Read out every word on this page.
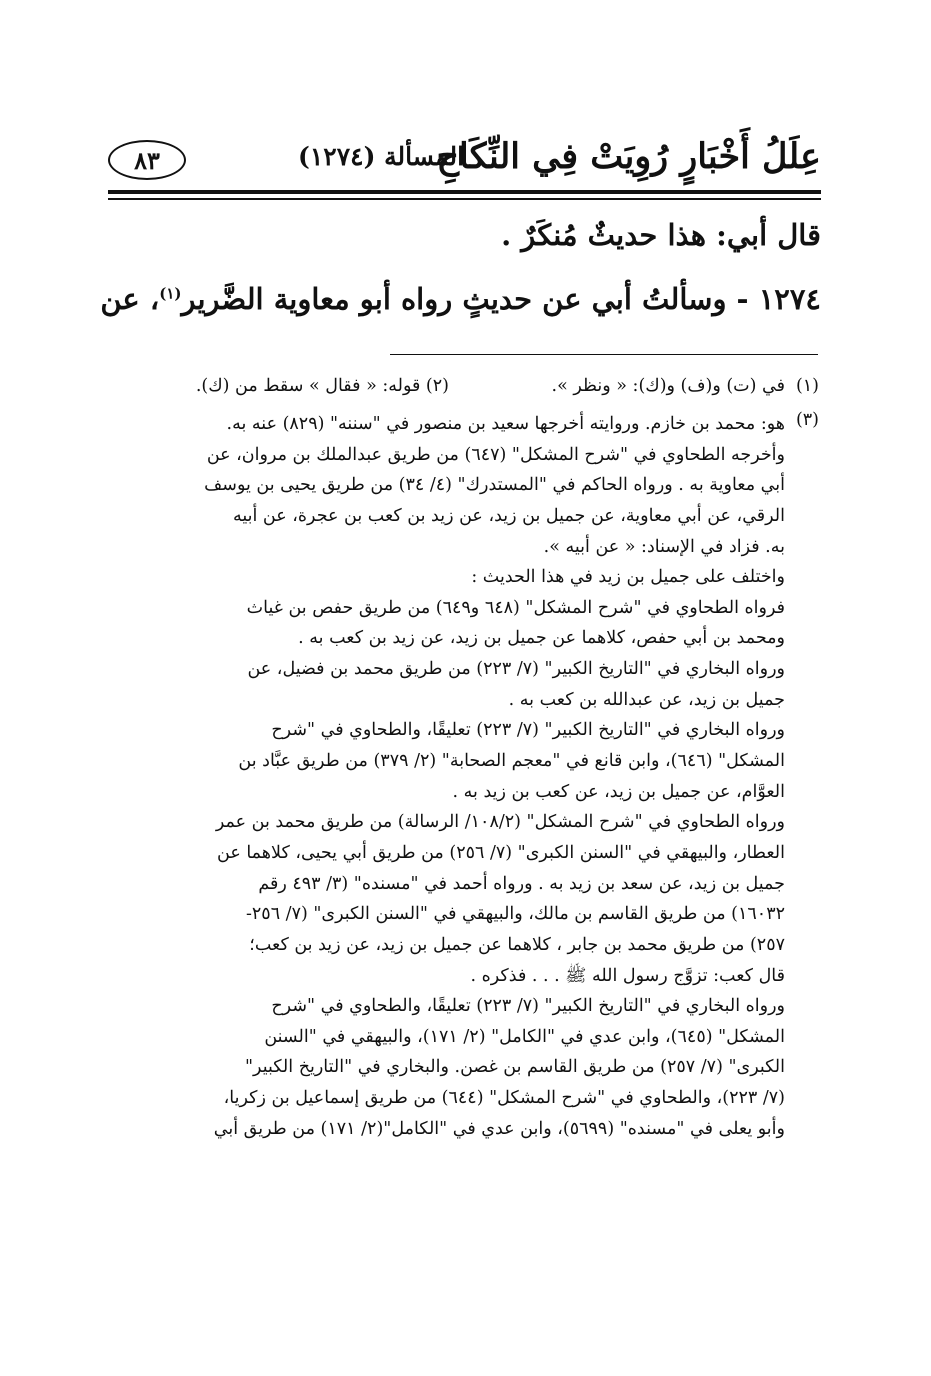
عِلَلُ أَخْبَارٍ رُوِيَتْ فِي النِّكَاحِ
المسألة (١٢٧٤)
٨٣
قال أبي: هذا حديثٌ مُنكَرٌ .
١٢٧٤ - وسألتُ أبي عن حديثٍ رواه أبو معاوية الضَّرير$^{(١)}$، عن
(١)
في (ت) و(ف) و(ك): « ونظر ».
(٢) قوله: « فقال » سقط من (ك).
(٣)
هو: محمد بن خازم. وروايته أخرجها سعيد بن منصور في "سننه" (٨٢٩) عنه به.
وأخرجه الطحاوي في "شرح المشكل" (٦٤٧) من طريق عبدالملك بن مروان، عن
أبي معاوية به . ورواه الحاكم في "المستدرك" (٤/ ٣٤) من طريق يحيى بن يوسف
الرقي، عن أبي معاوية، عن جميل بن زيد، عن زيد بن كعب بن عجرة، عن أبيه
به. فزاد في الإسناد: « عن أبيه ».
واختلف على جميل بن زيد في هذا الحديث :
فرواه الطحاوي في "شرح المشكل" (٦٤٨ و٦٤٩) من طريق حفص بن غياث
ومحمد بن أبي حفص، كلاهما عن جميل بن زيد، عن زيد بن كعب به .
ورواه البخاري في "التاريخ الكبير" (٧/ ٢٢٣) من طريق محمد بن فضيل، عن
جميل بن زيد، عن عبدالله بن كعب به .
ورواه البخاري في "التاريخ الكبير" (٧/ ٢٢٣) تعليقًا، والطحاوي في "شرح
المشكل" (٦٤٦)، وابن قانع في "معجم الصحابة" (٢/ ٣٧٩) من طريق عبَّاد بن
العوَّام، عن جميل بن زيد، عن كعب بن زيد به .
ورواه الطحاوي في "شرح المشكل" (١٠٨/٢/ الرسالة) من طريق محمد بن عمر
العطار، والبيهقي في "السنن الكبرى" (٧/ ٢٥٦) من طريق أبي يحيى، كلاهما عن
جميل بن زيد، عن سعد بن زيد به . ورواه أحمد في "مسنده" (٣/ ٤٩٣ رقم
١٦٠٣٢) من طريق القاسم بن مالك، والبيهقي في "السنن الكبرى" (٧/ ٢٥٦-
٢٥٧) من طريق محمد بن جابر ، كلاهما عن جميل بن زيد، عن زيد بن كعب؛
قال كعب: تزوَّج رسول الله ﷺ . . . فذكره .
ورواه البخاري في "التاريخ الكبير" (٧/ ٢٢٣) تعليقًا، والطحاوي في "شرح
المشكل" (٦٤٥)، وابن عدي في "الكامل" (٢/ ١٧١)، والبيهقي في "السنن
الكبرى" (٧/ ٢٥٧) من طريق القاسم بن غصن. والبخاري في "التاريخ الكبير"
(٧/ ٢٢٣)، والطحاوي في "شرح المشكل" (٦٤٤) من طريق إسماعيل بن زكريا،
وأبو يعلى في "مسنده" (٥٦٩٩)، وابن عدي في "الكامل"(٢/ ١٧١) من طريق أبي
